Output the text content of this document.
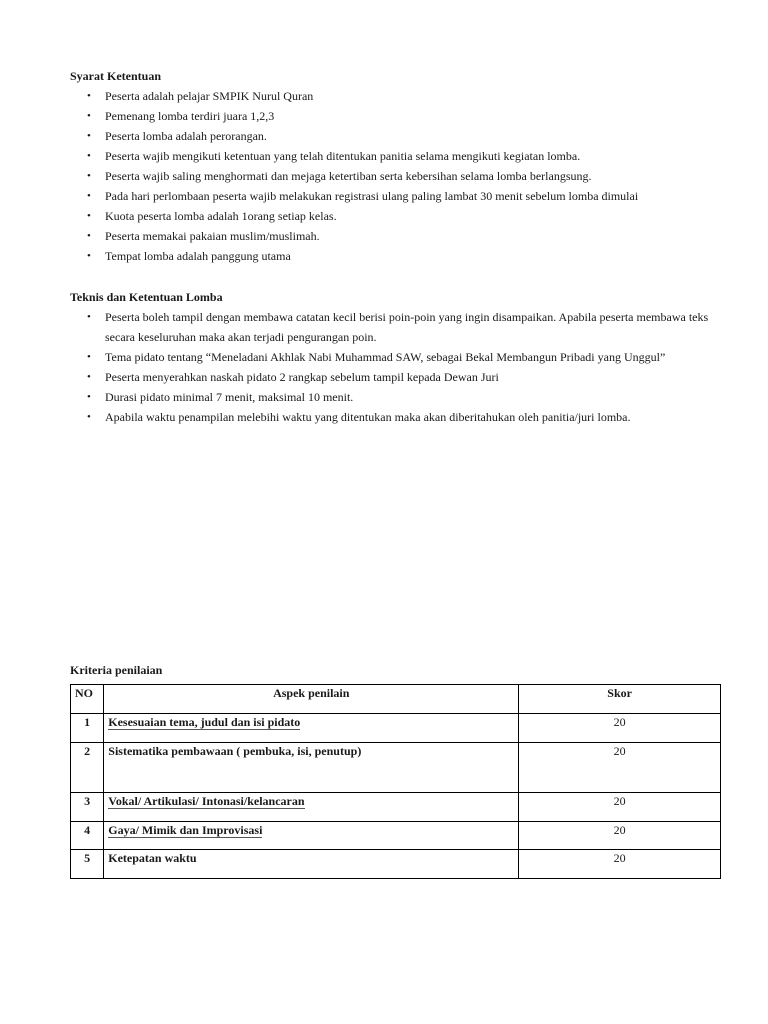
Syarat Ketentuan
• Peserta adalah pelajar SMPIK Nurul Quran
• Pemenang lomba terdiri juara 1,2,3
• Peserta lomba adalah perorangan.
• Peserta wajib mengikuti ketentuan yang telah ditentukan panitia selama mengikuti kegiatan lomba.
• Peserta wajib saling menghormati dan mejaga ketertiban serta kebersihan selama lomba berlangsung.
• Pada hari perlombaan peserta wajib melakukan registrasi ulang paling lambat 30 menit sebelum lomba dimulai
• Kuota peserta lomba adalah 1orang setiap kelas.
• Peserta memakai pakaian muslim/muslimah.
• Tempat lomba adalah panggung utama
Teknis dan Ketentuan Lomba
• Peserta boleh tampil dengan membawa catatan kecil berisi poin-poin yang ingin disampaikan. Apabila peserta membawa teks secara keseluruhan maka akan terjadi pengurangan poin.
• Tema pidato tentang “Meneladani Akhlak Nabi Muhammad SAW, sebagai Bekal Membangun Pribadi yang Unggul”
• Peserta menyerahkan naskah pidato 2 rangkap sebelum tampil kepada Dewan Juri
• Durasi pidato minimal 7 menit, maksimal 10 menit.
• Apabila waktu penampilan melebihi waktu yang ditentukan maka akan diberitahukan oleh panitia/juri lomba.
Kriteria penilaian
NO	Aspek penilain	Skor
1	Kesesuaian tema, judul dan isi pidato	20
2	Sistematika pembawaan ( pembuka, isi, penutup)	20
3	Vokal/ Artikulasi/ Intonasi/kelancaran	20
4	Gaya/ Mimik dan Improvisasi	20
5	Ketepatan waktu	20
